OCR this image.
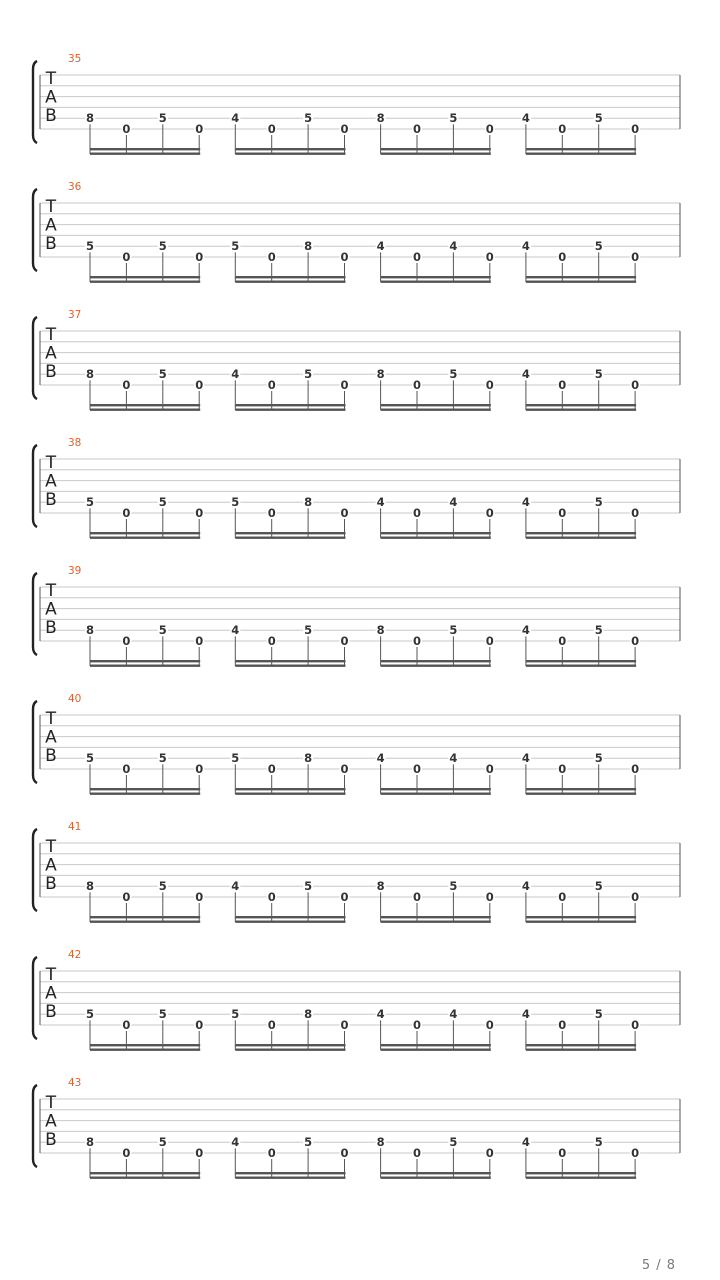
35
T
A
B	8
0
5
0
4
0
5
0
8
0
5
0
4
0
5
0
36
T
A
B	5
0
5
0
5
0
8
0
4
0
4
0
4
0
5
0
37
T
A
B	8
0
5
0
4
0
5
0
8
0
5
0
4
0
5
0
38
T
A
B	5
0
5
0
5
0
8
0
4
0
4
0
4
0
5
0
39
T
A
B	8
0
5
0
4
0
5
0
8
0
5
0
4
0
5
0
40
T
A
B	5
0
5
0
5
0
8
0
4
0
4
0
4
0
5
0
41
T
A
B	8
0
5
0
4
0
5
0
8
0
5
0
4
0
5
0
42
T
A
B	5
0
5
0
5
0
8
0
4
0
4
0
4
0
5
0
43
T
A
B	8
0
5
0
4
0
5
0
8
0
5
0
4
0
5
0
5 / 8
